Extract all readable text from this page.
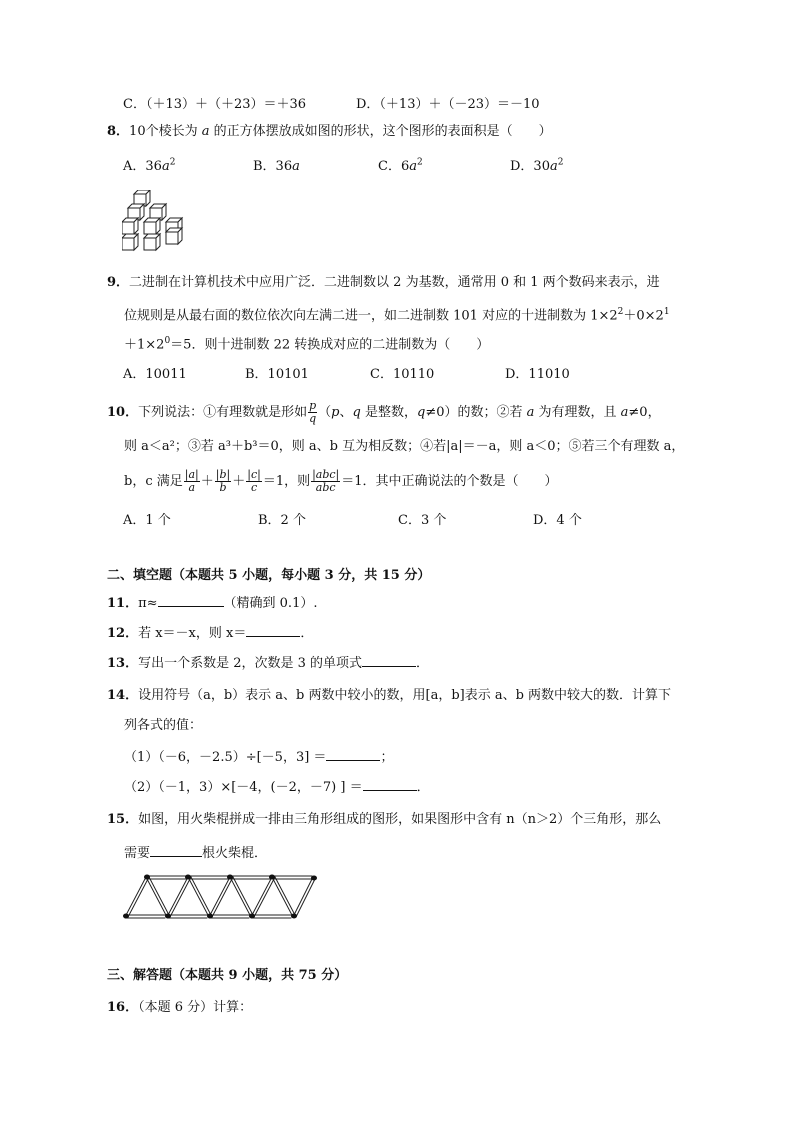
C．（＋13）＋（＋23）＝＋36	D．（＋13）＋（－23）＝－10
8．10个棱长为 a 的正方体摆放成如图的形状，这个图形的表面积是（　　）
A．$36a^2$	B．36a	C．$6a^2$	D．$30a^2$
9．二进制在计算机技术中应用广泛．二进制数以 2 为基数，通常用 0 和 1 两个数码来表示，进
位规则是从最右面的数位依次向左满二进一，如二进制数 101 对应的十进制数为 $1\times 2^2+0\times 2^1$
$+1\times 2^0=5$．则十进制数 22 转换成对应的二进制数为（　　）
A．10011	B．10101	C．10110	D．11010
10．下列说法：①有理数就是形如 $\frac{p}{q} (p$、q 是整数，q≠0）的数；②若 a 为有理数，且 a≠0，
则 a＜a²；③若 a³＋b³＝0，则 a、b 互为相反数；④若|a|＝－a，则 a＜0；⑤若三个有理数 a，
b，c 满足 $\frac{|a|}{a} + \frac{|b|}{b} + \frac{|c|}{c} =1$，则 $\frac{\text{|abc|}}{\text{abc}} =1$．其中正确说法的个数是（　　）
A．1 个	B．2 个	C．3 个	D．4 个
二、填空题（本题共 5 小题，每小题 3 分，共 15 分）
11．π≈	（精确到 0.1）.
12．若 x＝－x，则 x＝	．
13．写出一个系数是 2，次数是 3 的单项式	．
14．设用符号（a，b）表示 a、b 两数中较小的数，用[a，b]表示 a、b 两数中较大的数．计算下
列各式的值：
（1）（－6，－2.5）÷[－5，3] ＝	；
（2）（－1，3）×[－4，(－2，－7) ] ＝	．
15．如图，用火柴棍拼成一排由三角形组成的图形，如果图形中含有 n（n＞2）个三角形，那么
需要	根火柴棍．
三、解答题（本题共 9 小题，共 75 分）
16．（本题 6 分）计算：
